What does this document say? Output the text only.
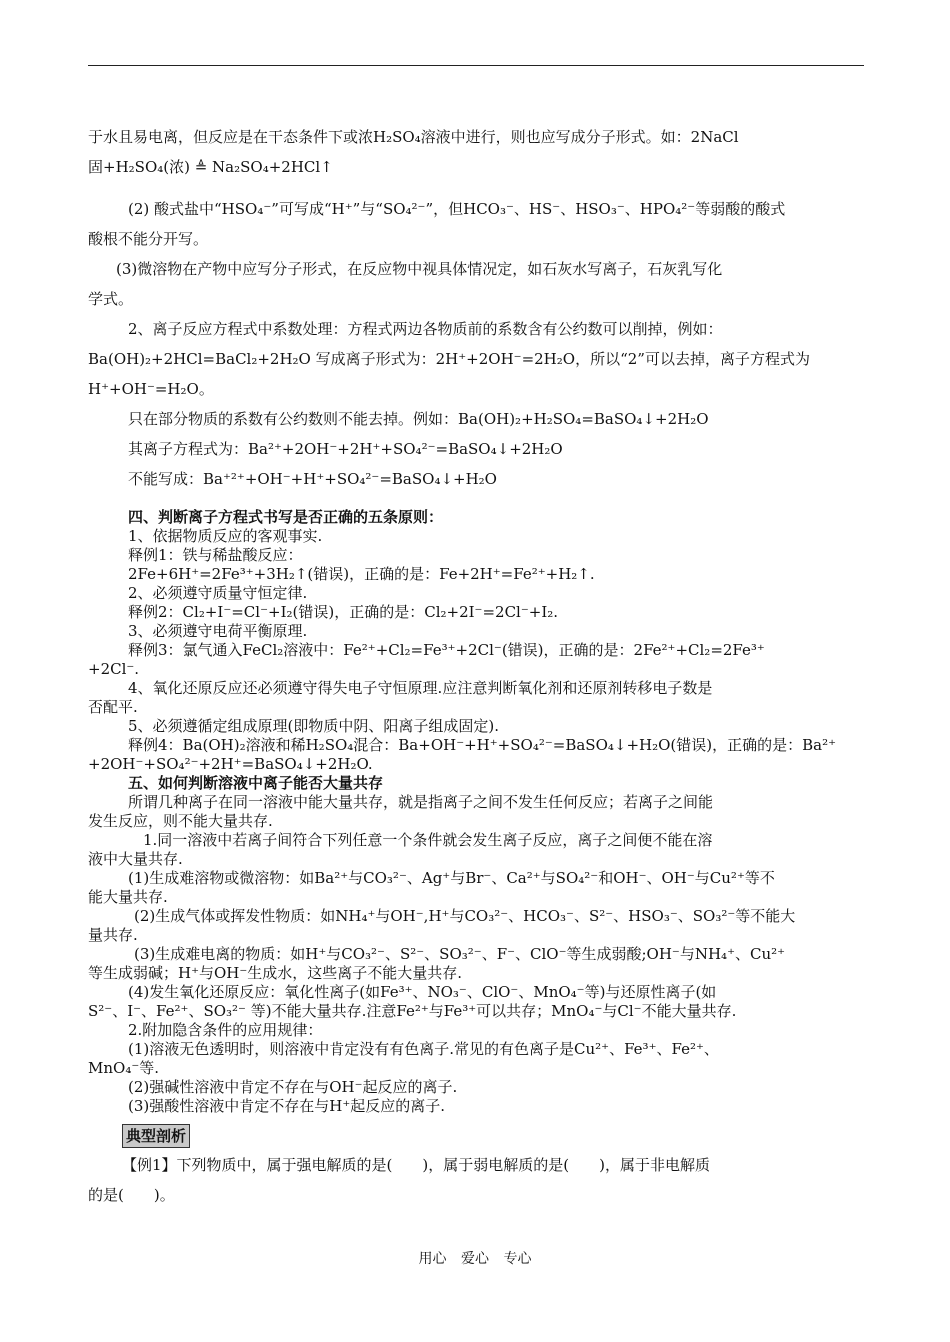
于水且易电离，但反应是在干态条件下或浓H₂SO₄溶液中进行，则也应写成分子形式。如：2NaCl

固+H₂SO₄(浓) ≜ Na₂SO₄+2HCl↑

(2) 酸式盐中“HSO₄⁻”可写成“H⁺”与“SO₄²⁻”，但HCO₃⁻、HS⁻、HSO₃⁻、HPO₄²⁻等弱酸的酸式

酸根不能分开写。

(3)微溶物在产物中应写分子形式，在反应物中视具体情况定，如石灰水写离子，石灰乳写化

学式。

2、离子反应方程式中系数处理：方程式两边各物质前的系数含有公约数可以削掉，例如：

Ba(OH)₂+2HCl=BaCl₂+2H₂O 写成离子形式为：2H⁺+2OH⁻=2H₂O，所以“2”可以去掉，离子方程式为

H⁺+OH⁻=H₂O。

只在部分物质的系数有公约数则不能去掉。例如：Ba(OH)₂+H₂SO₄=BaSO₄↓+2H₂O

其离子方程式为：Ba²⁺+2OH⁻+2H⁺+SO₄²⁻=BaSO₄↓+2H₂O

不能写成：Ba⁺²⁺+OH⁻+H⁺+SO₄²⁻=BaSO₄↓+H₂O

四、判断离子方程式书写是否正确的五条原则：

1、依据物质反应的客观事实.

释例1：铁与稀盐酸反应：

2Fe+6H⁺=2Fe³⁺+3H₂↑(错误)，正确的是：Fe+2H⁺=Fe²⁺+H₂↑.

2、必须遵守质量守恒定律.

释例2：Cl₂+I⁻=Cl⁻+I₂(错误)，正确的是：Cl₂+2I⁻=2Cl⁻+I₂.

3、必须遵守电荷平衡原理.

释例3：氯气通入FeCl₂溶液中：Fe²⁺+Cl₂=Fe³⁺+2Cl⁻(错误)，正确的是：2Fe²⁺+Cl₂=2Fe³⁺

+2Cl⁻.

4、氧化还原反应还必须遵守得失电子守恒原理.应注意判断氧化剂和还原剂转移电子数是

否配平.

5、必须遵循定组成原理(即物质中阴、阳离子组成固定).

释例4：Ba(OH)₂溶液和稀H₂SO₄混合：Ba+OH⁻+H⁺+SO₄²⁻=BaSO₄↓+H₂O(错误)，正确的是：Ba²⁺

+2OH⁻+SO₄²⁻+2H⁺=BaSO₄↓+2H₂O.

五、如何判断溶液中离子能否大量共存

所谓几种离子在同一溶液中能大量共存，就是指离子之间不发生任何反应；若离子之间能

发生反应，则不能大量共存.

1.同一溶液中若离子间符合下列任意一个条件就会发生离子反应，离子之间便不能在溶

液中大量共存.

(1)生成难溶物或微溶物：如Ba²⁺与CO₃²⁻、Ag⁺与Br⁻、Ca²⁺与SO₄²⁻和OH⁻、OH⁻与Cu²⁺等不

能大量共存.

(2)生成气体或挥发性物质：如NH₄⁺与OH⁻,H⁺与CO₃²⁻、HCO₃⁻、S²⁻、HSO₃⁻、SO₃²⁻等不能大

量共存.

(3)生成难电离的物质：如H⁺与CO₃²⁻、S²⁻、SO₃²⁻、F⁻、ClO⁻等生成弱酸;OH⁻与NH₄⁺、Cu²⁺

等生成弱碱；H⁺与OH⁻生成水，这些离子不能大量共存.

(4)发生氧化还原反应：氧化性离子(如Fe³⁺、NO₃⁻、ClO⁻、MnO₄⁻等)与还原性离子(如

S²⁻、I⁻、Fe²⁺、SO₃²⁻ 等)不能大量共存.注意Fe²⁺与Fe³⁺可以共存；MnO₄⁻与Cl⁻不能大量共存.

2.附加隐含条件的应用规律：

(1)溶液无色透明时，则溶液中肯定没有有色离子.常见的有色离子是Cu²⁺、Fe³⁺、Fe²⁺、

MnO₄⁻等.

(2)强碱性溶液中肯定不存在与OH⁻起反应的离子.

(3)强酸性溶液中肯定不存在与H⁺起反应的离子.

典型剖析

【例1】下列物质中，属于强电解质的是(　　)，属于弱电解质的是(　　)，属于非电解质

的是(　　)。

用心 爱心 专心
